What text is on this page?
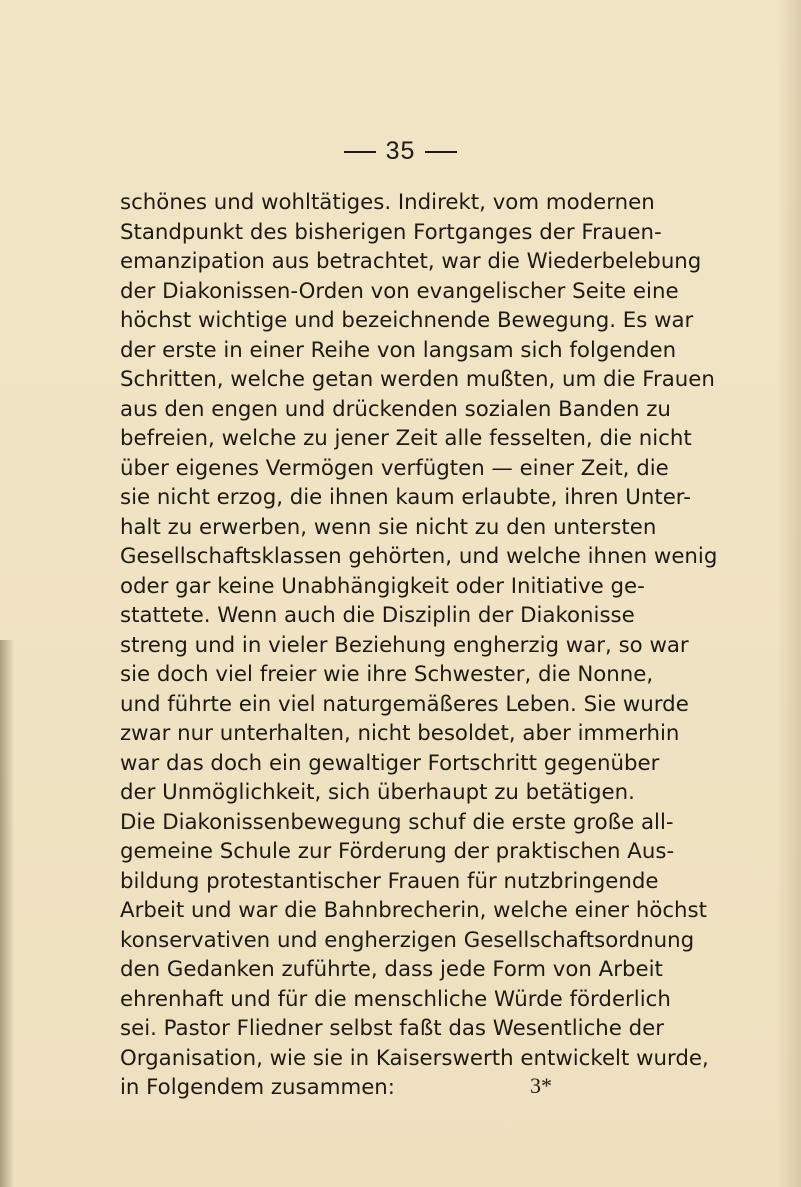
35
schönes und wohltätiges. Indirekt, vom modernen
Standpunkt des bisherigen Fortganges der Frauen-
emanzipation aus betrachtet, war die Wiederbelebung
der Diakonissen-Orden von evangelischer Seite eine
höchst wichtige und bezeichnende Bewegung. Es war
der erste in einer Reihe von langsam sich folgenden
Schritten, welche getan werden mußten, um die Frauen
aus den engen und drückenden sozialen Banden zu
befreien, welche zu jener Zeit alle fesselten, die nicht
über eigenes Vermögen verfügten — einer Zeit, die
sie nicht erzog, die ihnen kaum erlaubte, ihren Unter-
halt zu erwerben, wenn sie nicht zu den untersten
Gesellschaftsklassen gehörten, und welche ihnen wenig
oder gar keine Unabhängigkeit oder Initiative ge-
stattete. Wenn auch die Disziplin der Diakonisse
streng und in vieler Beziehung engherzig war, so war
sie doch viel freier wie ihre Schwester, die Nonne,
und führte ein viel naturgemäßeres Leben. Sie wurde
zwar nur unterhalten, nicht besoldet, aber immerhin
war das doch ein gewaltiger Fortschritt gegenüber
der Unmöglichkeit, sich überhaupt zu betätigen.
Die Diakonissenbewegung schuf die erste große all-
gemeine Schule zur Förderung der praktischen Aus-
bildung protestantischer Frauen für nutzbringende
Arbeit und war die Bahnbrecherin, welche einer höchst
konservativen und engherzigen Gesellschaftsordnung
den Gedanken zuführte, dass jede Form von Arbeit
ehrenhaft und für die menschliche Würde förderlich
sei. Pastor Fliedner selbst faßt das Wesentliche der
Organisation, wie sie in Kaiserswerth entwickelt wurde,
in Folgendem zusammen:	3*
